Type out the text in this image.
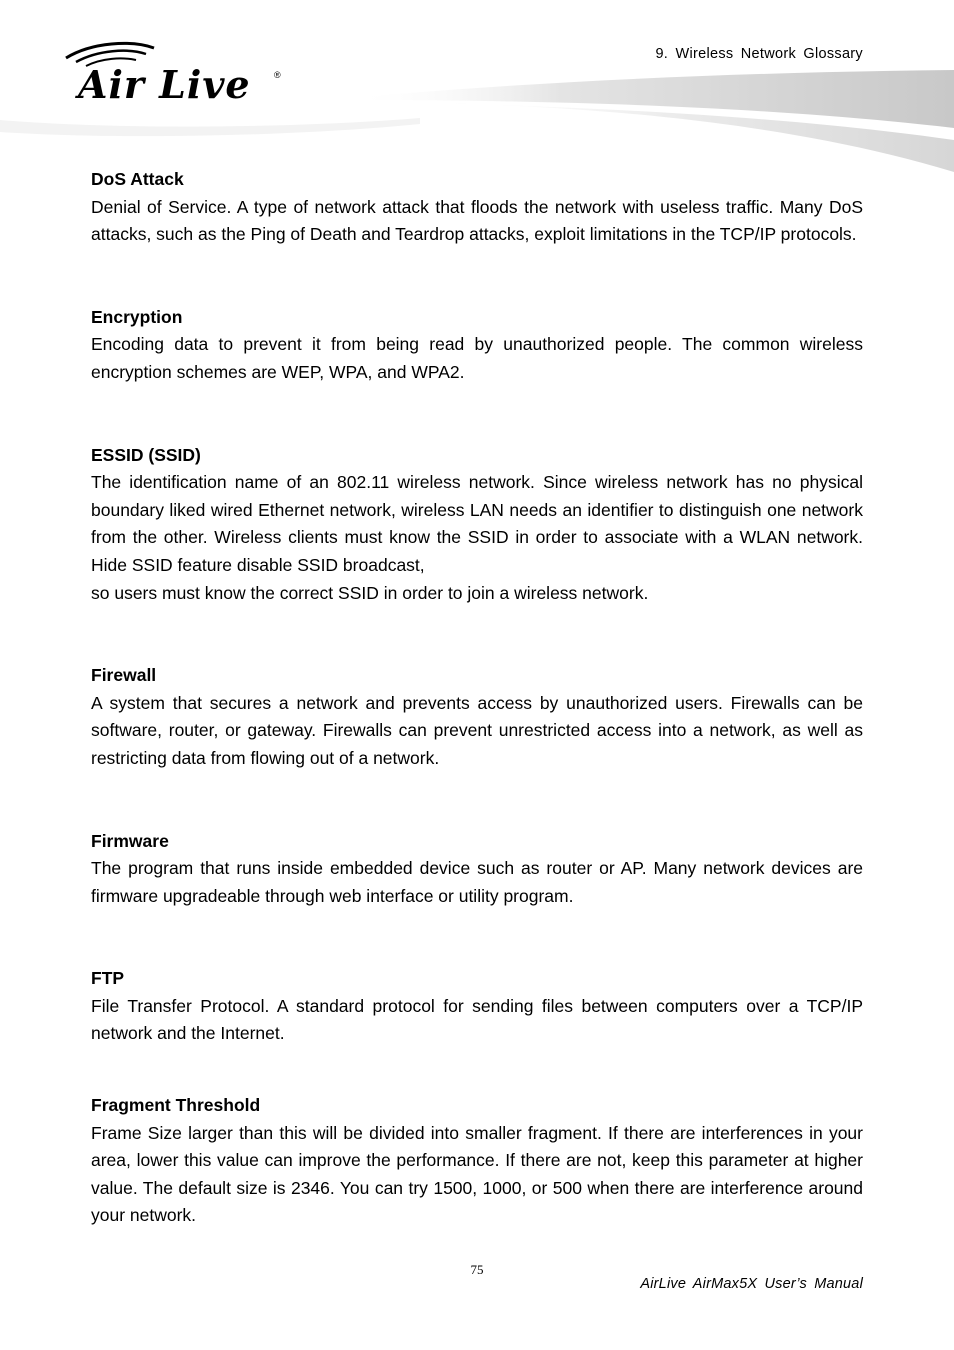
Air Live	®
9. Wireless Network Glossary

DoS Attack

Denial of Service. A type of network attack that floods the network with useless traffic. Many DoS attacks, such as the Ping of Death and Teardrop attacks, exploit limitations in the TCP/IP protocols.

Encryption

Encoding data to prevent it from being read by unauthorized people. The common wireless encryption schemes are WEP, WPA, and WPA2.

ESSID (SSID)

The identification name of an 802.11 wireless network. Since wireless network has no physical boundary liked wired Ethernet network, wireless LAN needs an identifier to distinguish one network from the other. Wireless clients must know the SSID in order to associate with a WLAN network. Hide SSID feature disable SSID broadcast,

so users must know the correct SSID in order to join a wireless network.

Firewall

A system that secures a network and prevents access by unauthorized users. Firewalls can be software, router, or gateway. Firewalls can prevent unrestricted access into a network, as well as restricting data from flowing out of a network.

Firmware

The program that runs inside embedded device such as router or AP. Many network devices are firmware upgradeable through web interface or utility program.

FTP

File Transfer Protocol. A standard protocol for sending files between computers over a TCP/IP network and the Internet.

Fragment Threshold

Frame Size larger than this will be divided into smaller fragment. If there are interferences in your area, lower this value can improve the performance. If there are not, keep this parameter at higher value. The default size is 2346. You can try 1500, 1000, or 500 when there are interference around your network.

75
AirLive AirMax5X User’s Manual
